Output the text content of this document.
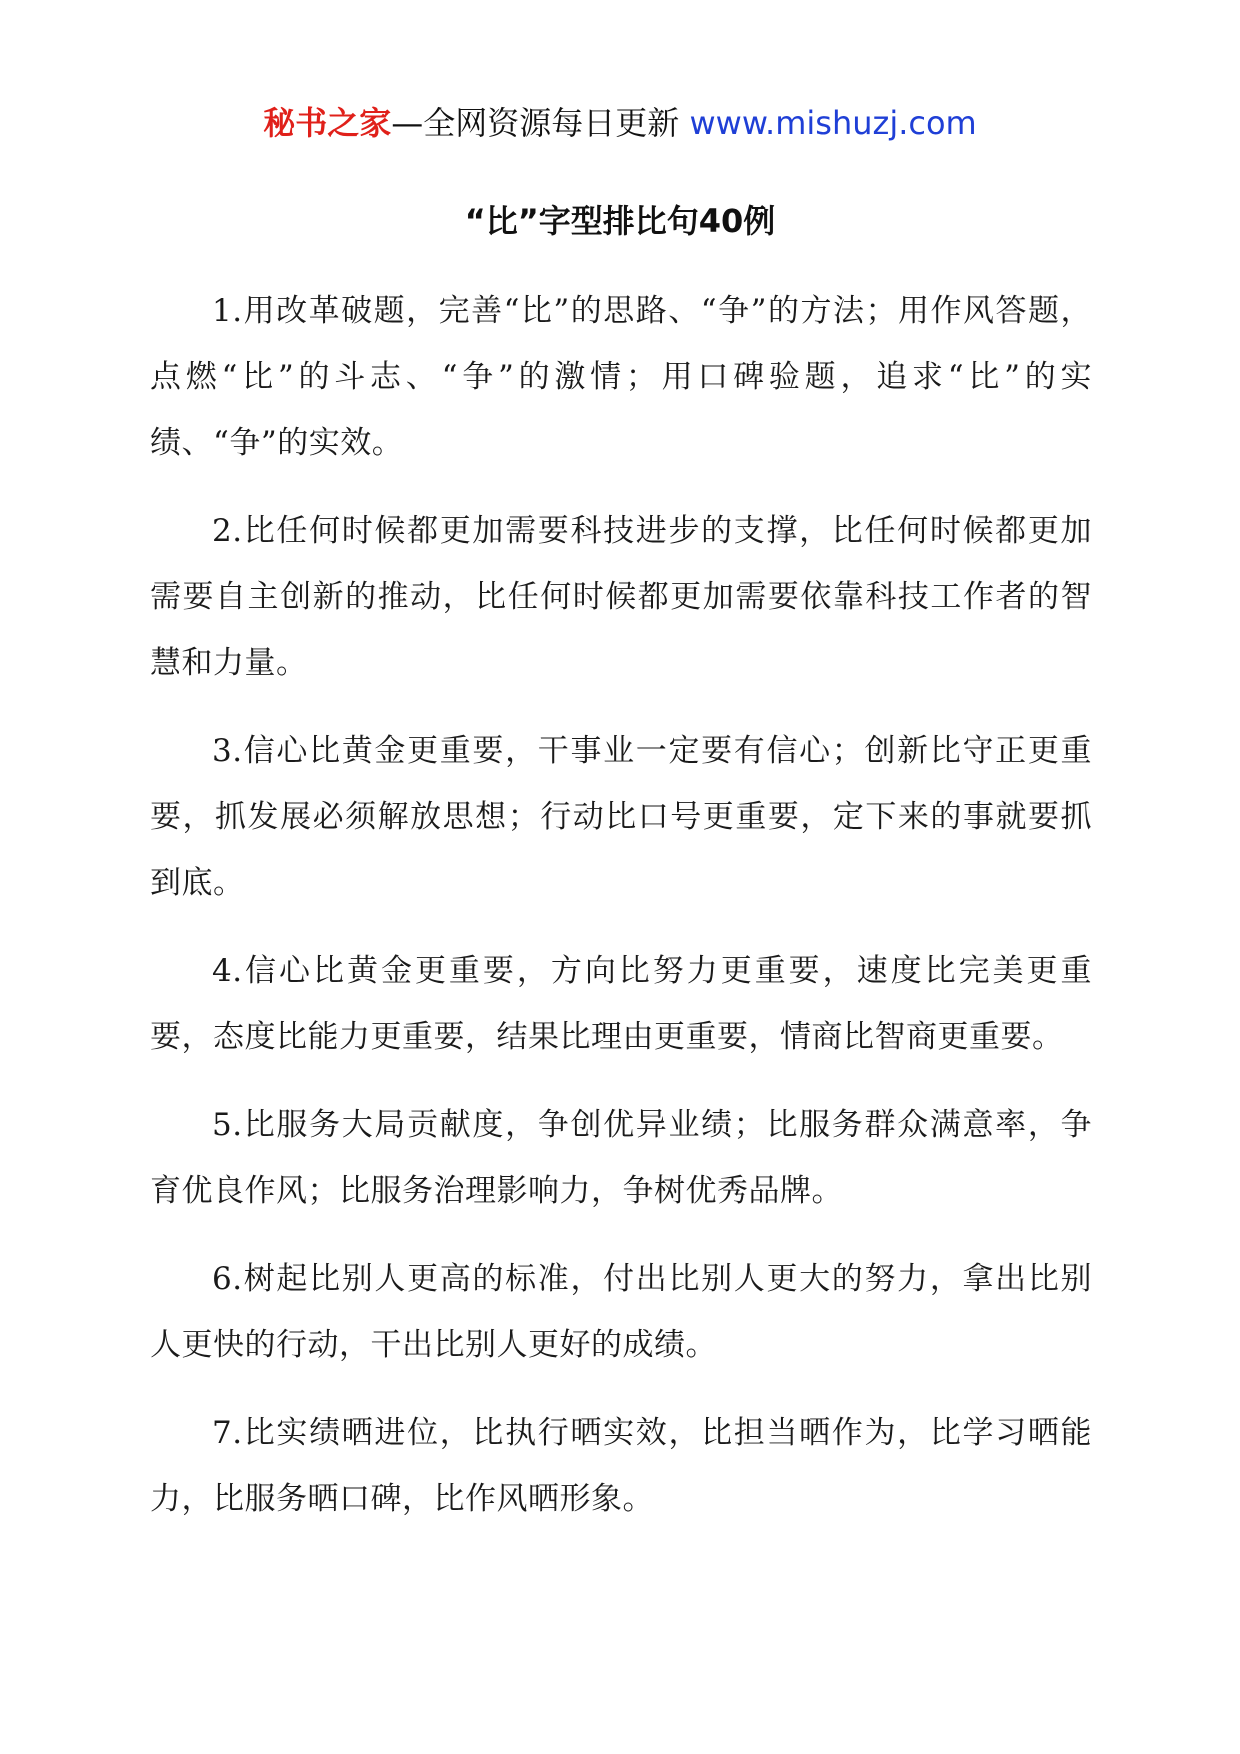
秘书之家—全网资源每日更新 www.mishuzj.com
“比”字型排比句40例

1.用改革破题，完善“比”的思路、“争”的方法；用作风答题，点燃“比”的斗志、“争”的激情；用口碑验题，追求“比”的实绩、“争”的实效。

2.比任何时候都更加需要科技进步的支撑，比任何时候都更加需要自主创新的推动，比任何时候都更加需要依靠科技工作者的智慧和力量。

3.信心比黄金更重要，干事业一定要有信心；创新比守正更重要，抓发展必须解放思想；行动比口号更重要，定下来的事就要抓到底。

4.信心比黄金更重要，方向比努力更重要，速度比完美更重要，态度比能力更重要，结果比理由更重要，情商比智商更重要。

5.比服务大局贡献度，争创优异业绩；比服务群众满意率，争育优良作风；比服务治理影响力，争树优秀品牌。

6.树起比别人更高的标准，付出比别人更大的努力，拿出比别人更快的行动，干出比别人更好的成绩。

7.比实绩晒进位，比执行晒实效，比担当晒作为，比学习晒能力，比服务晒口碑，比作风晒形象。
